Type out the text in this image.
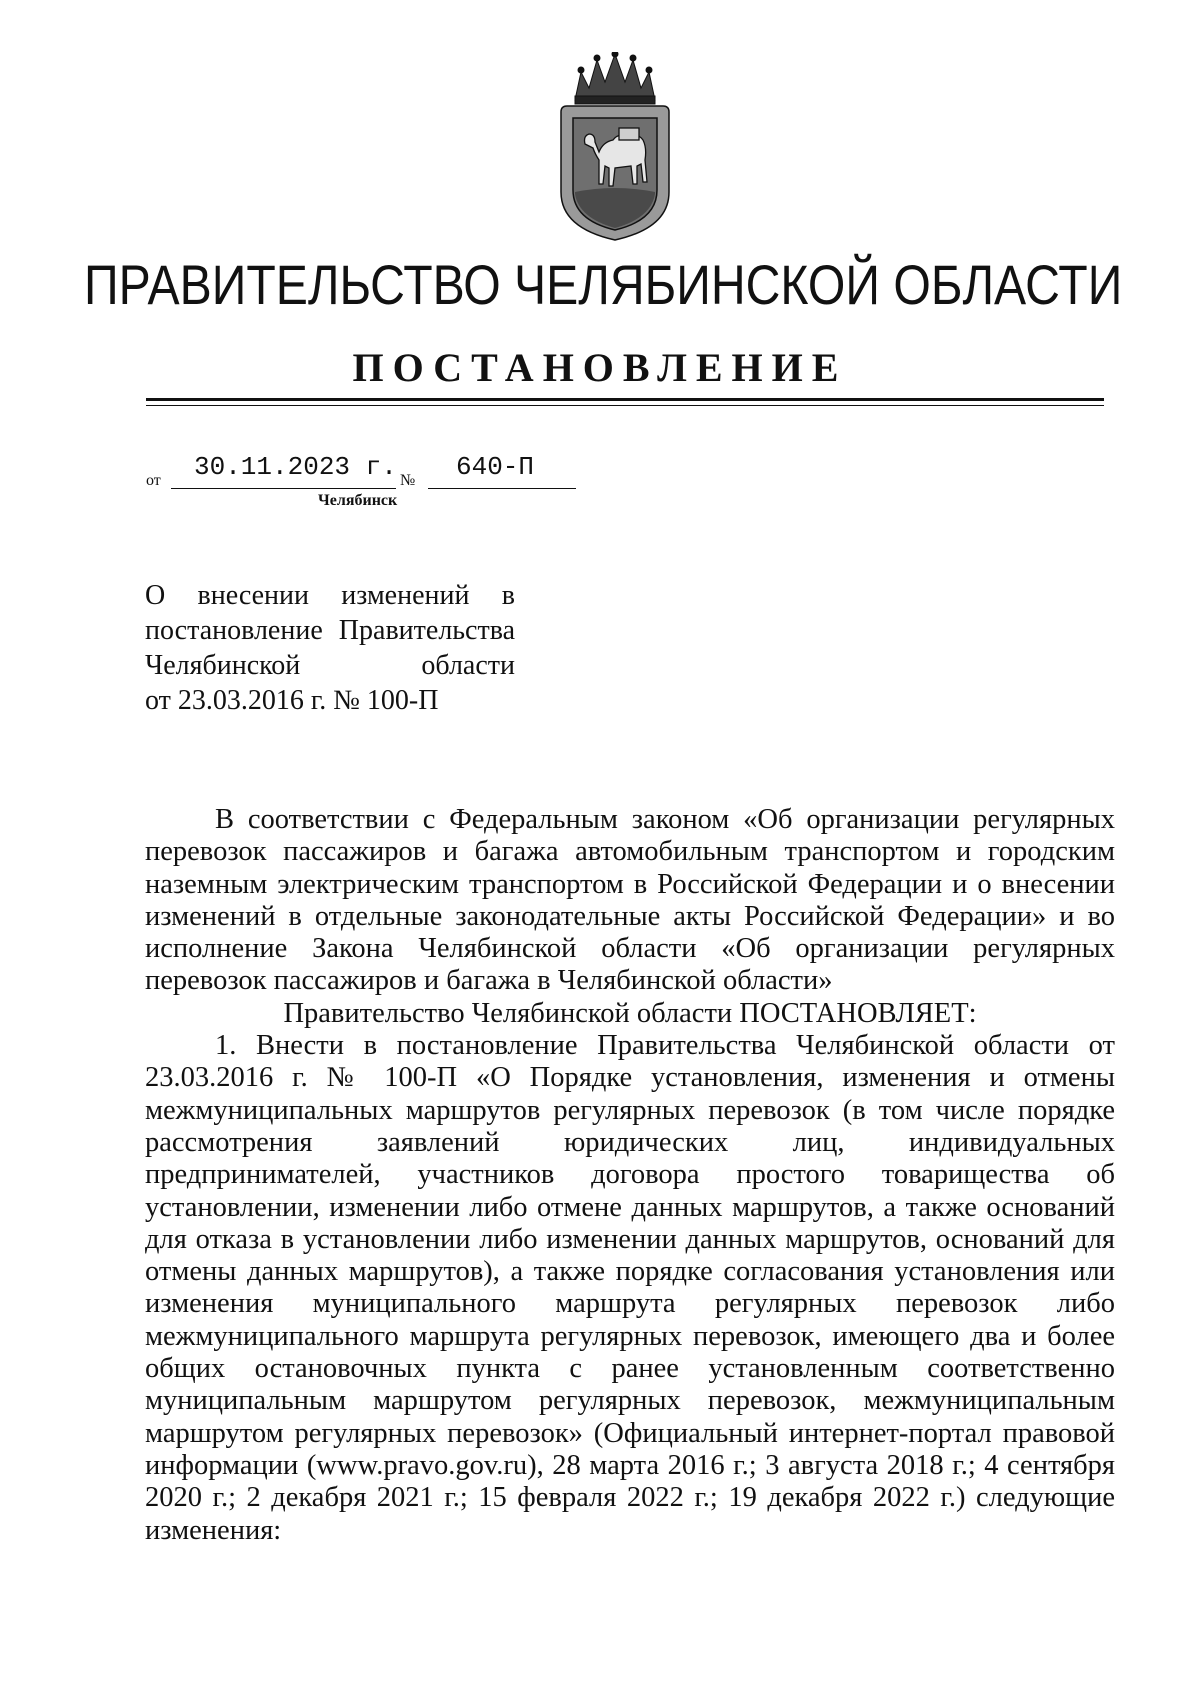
ПРАВИТЕЛЬСТВО ЧЕЛЯБИНСКОЙ ОБЛАСТИ
ПОСТАНОВЛЕНИЕ
от 30.11.2023 г. № 640-П
Челябинск
О внесении изменений в
постановление Правительства
Челябинской области
от 23.03.2016 г. № 100-П

В соответствии с Федеральным законом «Об организации регулярных перевозок пассажиров и багажа автомобильным транспортом и городским наземным электрическим транспортом в Российской Федерации и о внесении изменений в отдельные законодательные акты Российской Федерации» и во исполнение Закона Челябинской области «Об организации регулярных перевозок пассажиров и багажа в Челябинской области»

Правительство Челябинской области ПОСТАНОВЛЯЕТ:

1. Внести в постановление Правительства Челябинской области от 23.03.2016 г. № 100-П «О Порядке установления, изменения и отмены межмуниципальных маршрутов регулярных перевозок (в том числе порядке рассмотрения заявлений юридических лиц, индивидуальных предпринимателей, участников договора простого товарищества об установлении, изменении либо отмене данных маршрутов, а также оснований для отказа в установлении либо изменении данных маршрутов, оснований для отмены данных маршрутов), а также порядке согласования установления или изменения муниципального маршрута регулярных перевозок либо межмуниципального маршрута регулярных перевозок, имеющего два и более общих остановочных пункта с ранее установленным соответственно муниципальным маршрутом регулярных перевозок, межмуниципальным маршрутом регулярных перевозок» (Официальный интернет-портал правовой информации (www.pravo.gov.ru), 28 марта 2016 г.; 3 августа 2018 г.; 4 сентября 2020 г.; 2 декабря 2021 г.; 15 февраля 2022 г.; 19 декабря 2022 г.) следующие изменения:
